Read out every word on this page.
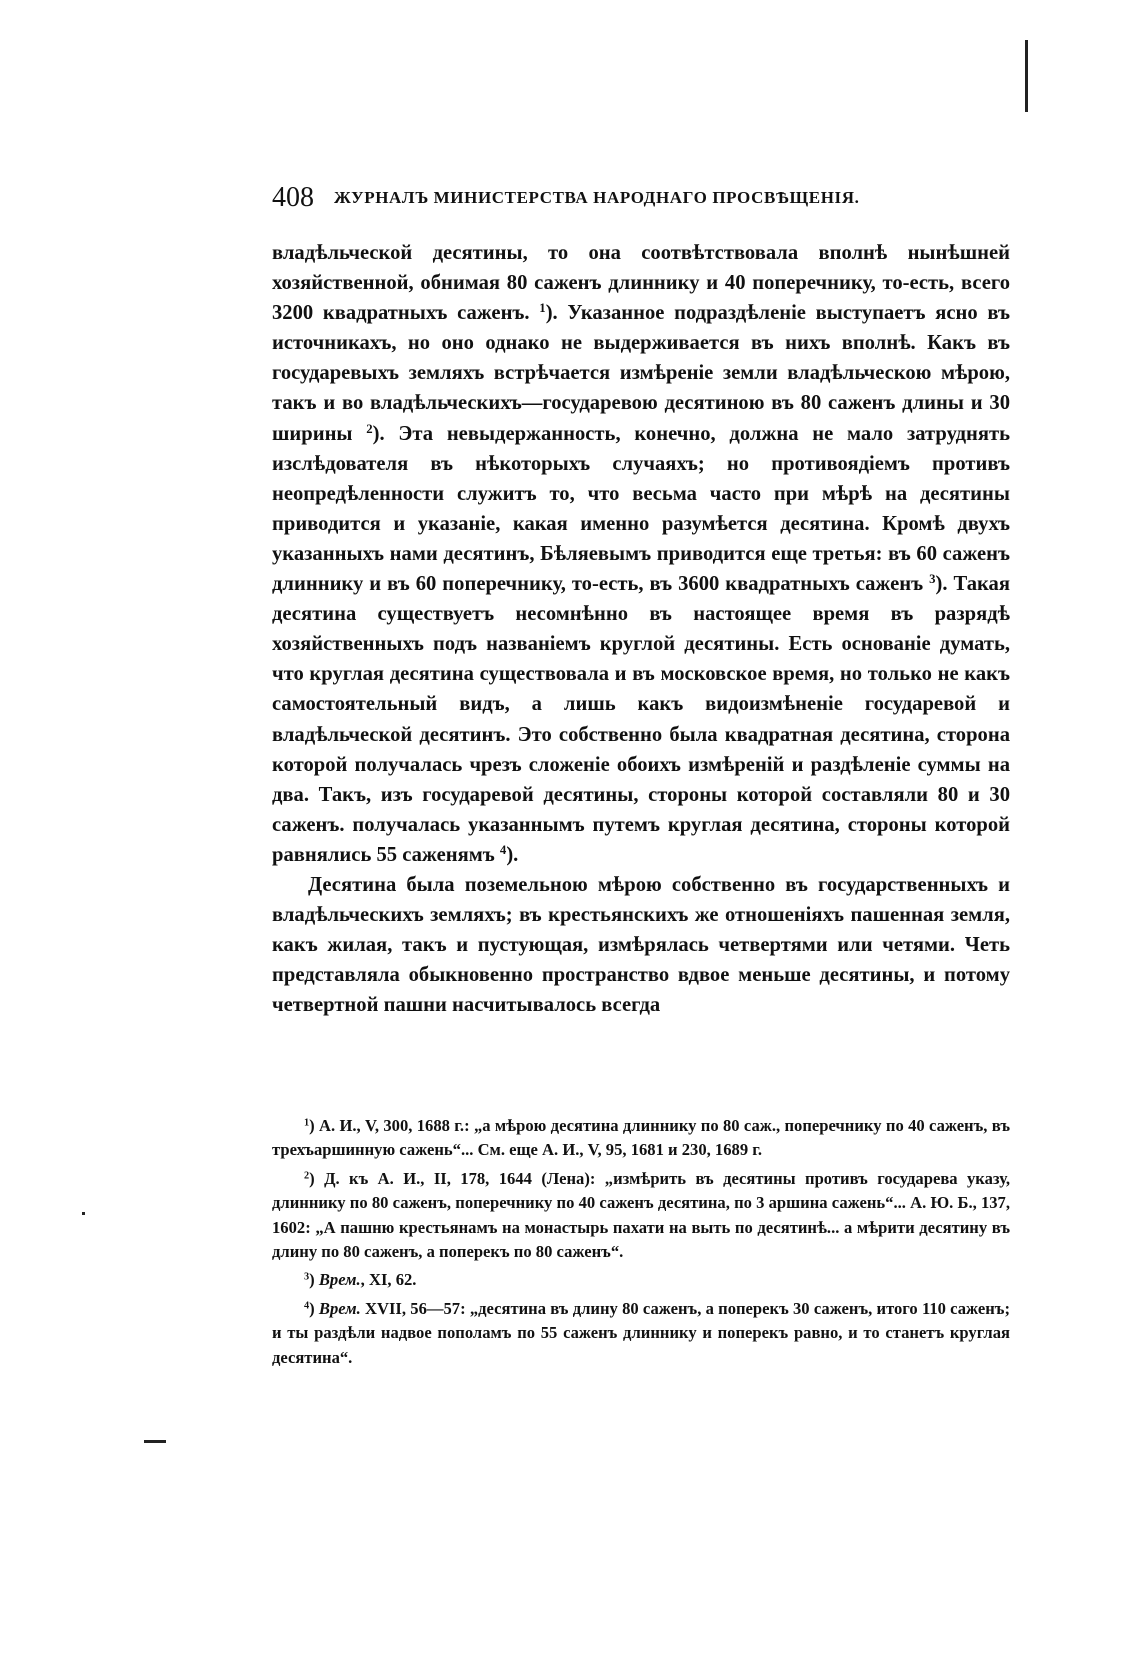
408 ЖУРНАЛЪ МИНИСТЕРСТВА НАРОДНАГО ПРОСВѢЩЕНІЯ.

владѣльческой десятины, то она соотвѣтствовала вполнѣ нынѣшней хозяйственной, обнимая 80 саженъ длиннику и 40 поперечнику, то-есть, всего 3200 квадратныхъ саженъ. $^1$). Указанное подраздѣленіе выступаетъ ясно въ источникахъ, но оно однако не выдерживается въ нихъ вполнѣ. Какъ въ государевыхъ земляхъ встрѣчается измѣреніе земли владѣльческою мѣрою, такъ и во владѣльческихъ—государевою десятиною въ 80 саженъ длины и 30 ширины $^2$). Эта невыдержанность, конечно, должна не мало затруднять изслѣдователя въ нѣкоторыхъ случаяхъ; но противоядіемъ противъ неопредѣленности служитъ то, что весьма часто при мѣрѣ на десятины приводится и указаніе, какая именно разумѣется десятина. Кромѣ двухъ указанныхъ нами десятинъ, Бѣляевымъ приводится еще третья: въ 60 саженъ длиннику и въ 60 поперечнику, то-есть, въ 3600 квадратныхъ саженъ $^3$). Такая десятина существуетъ несомнѣнно въ настоящее время въ разрядѣ хозяйственныхъ подъ названіемъ круглой десятины. Есть основаніе думать, что круглая десятина существовала и въ московское время, но только не какъ самостоятельный видъ, а лишь какъ видоизмѣненіе государевой и владѣльческой десятинъ. Это собственно была квадратная десятина, сторона которой получалась чрезъ сложеніе обоихъ измѣреній и раздѣленіе суммы на два. Такъ, изъ государевой десятины, стороны которой составляли 80 и 30 саженъ. получалась указаннымъ путемъ круглая десятина, стороны которой равнялись 55 саженямъ $^4$).

Десятина была поземельною мѣрою собственно въ государственныхъ и владѣльческихъ земляхъ; въ крестьянскихъ же отношеніяхъ пашенная земля, какъ жилая, такъ и пустующая, измѣрялась четвертями или четями. Четь представляла обыкновенно пространство вдвое меньше десятины, и потому четвертной пашни насчитывалось всегда

$^1$) А. И., V, 300, 1688 г.: „а мѣрою десятина длиннику по 80 саж., поперечнику по 40 саженъ, въ трехъаршинную сажень“... См. еще А. И., V, 95, 1681 и 230, 1689 г.

$^2$) Д. къ А. И., II, 178, 1644 (Лена): „измѣрить въ десятины противъ государева указу, длиннику по 80 саженъ, поперечнику по 40 саженъ десятина, по 3 аршина сажень“... А. Ю. Б., 137, 1602: „А пашню крестьянамъ на монастырь пахати на выть по десятинѣ... а мѣрити десятину въ длину по 80 саженъ, а поперекъ по 80 саженъ“.

$^3$) Врем., XI, 62.

$^4$) Врем. XVII, 56—57: „десятина въ длину 80 саженъ, а поперекъ 30 саженъ, итого 110 саженъ; и ты раздѣли надвое пополамъ по 55 саженъ длиннику и поперекъ равно, и то станетъ круглая десятина“.
